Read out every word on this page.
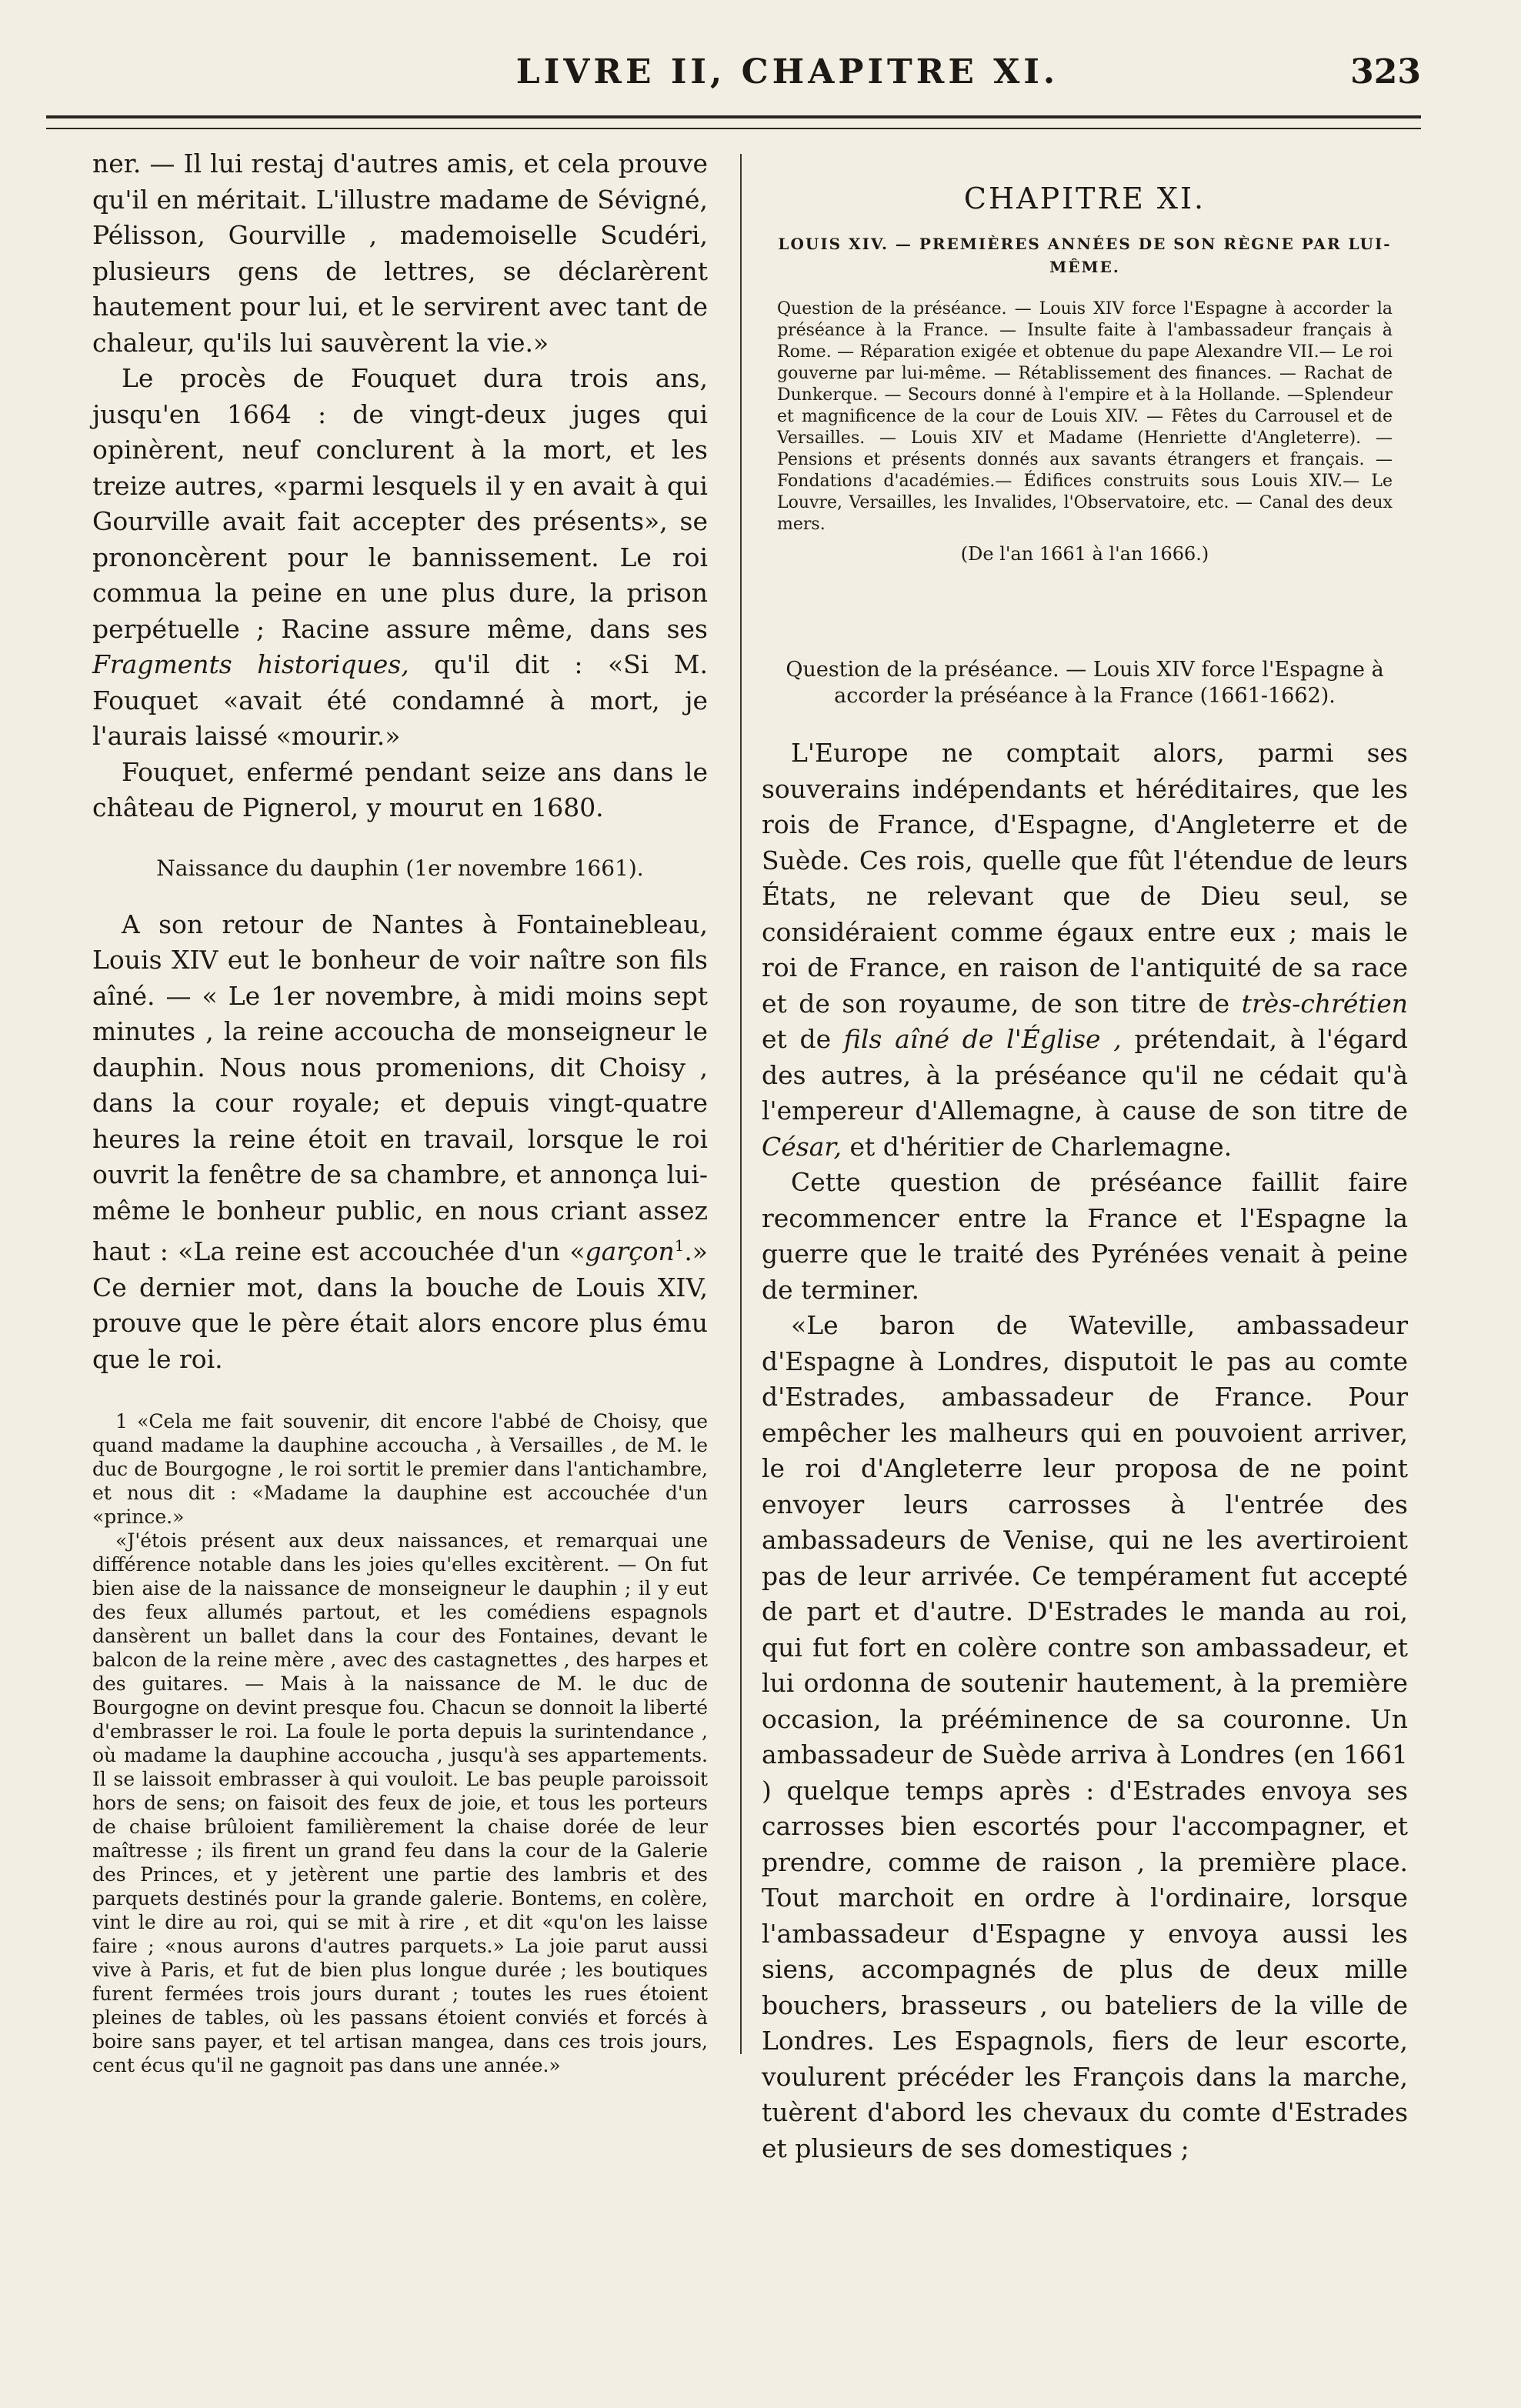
LIVRE II, CHAPITRE XI.	323

ner. — Il lui restaj d'autres amis, et cela prouve qu'il en méritait. L'illustre madame de Sévigné, Pélisson, Gourville , mademoiselle Scudéri, plusieurs gens de lettres, se déclarèrent hautement pour lui, et le servirent avec tant de chaleur, qu'ils lui sauvèrent la vie.»

Le procès de Fouquet dura trois ans, jusqu'en 1664 : de vingt-deux juges qui opinèrent, neuf conclurent à la mort, et les treize autres, «parmi lesquels il y en avait à qui Gourville avait fait accepter des présents», se prononcèrent pour le bannissement. Le roi commua la peine en une plus dure, la prison perpétuelle ; Racine assure même, dans ses Fragments historiques, qu'il dit : «Si M. Fouquet «avait été condamné à mort, je l'aurais laissé «mourir.»

Fouquet, enfermé pendant seize ans dans le château de Pignerol, y mourut en 1680.

Naissance du dauphin (1er novembre 1661).

A son retour de Nantes à Fontainebleau, Louis XIV eut le bonheur de voir naître son fils aîné. — « Le 1er novembre, à midi moins sept minutes , la reine accoucha de monseigneur le dauphin. Nous nous promenions, dit Choisy , dans la cour royale; et depuis vingt-quatre heures la reine étoit en travail, lorsque le roi ouvrit la fenêtre de sa chambre, et annonça lui-même le bonheur public, en nous criant assez haut : «La reine est accouchée d'un «garçon$^1$.» Ce dernier mot, dans la bouche de Louis XIV, prouve que le père était alors encore plus ému que le roi.

1 «Cela me fait souvenir, dit encore l'abbé de Choisy, que quand madame la dauphine accoucha , à Versailles , de M. le duc de Bourgogne , le roi sortit le premier dans l'antichambre, et nous dit : «Madame la dauphine est accouchée d'un «prince.»

«J'étois présent aux deux naissances, et remarquai une différence notable dans les joies qu'elles excitèrent. — On fut bien aise de la naissance de monseigneur le dauphin ; il y eut des feux allumés partout, et les comédiens espagnols dansèrent un ballet dans la cour des Fontaines, devant le balcon de la reine mère , avec des castagnettes , des harpes et des guitares. — Mais à la naissance de M. le duc de Bourgogne on devint presque fou. Chacun se donnoit la liberté d'embrasser le roi. La foule le porta depuis la surintendance , où madame la dauphine accoucha , jusqu'à ses appartements. Il se laissoit embrasser à qui vouloit. Le bas peuple paroissoit hors de sens; on faisoit des feux de joie, et tous les porteurs de chaise brûloient familièrement la chaise dorée de leur maîtresse ; ils firent un grand feu dans la cour de la Galerie des Princes, et y jetèrent une partie des lambris et des parquets destinés pour la grande galerie. Bontems, en colère, vint le dire au roi, qui se mit à rire , et dit «qu'on les laisse faire ; «nous aurons d'autres parquets.» La joie parut aussi vive à Paris, et fut de bien plus longue durée ; les boutiques furent fermées trois jours durant ; toutes les rues étoient pleines de tables, où les passans étoient conviés et forcés à boire sans payer, et tel artisan mangea, dans ces trois jours, cent écus qu'il ne gagnoit pas dans une année.»

CHAPITRE XI.
LOUIS XIV. — PREMIÈRES ANNÉES DE SON RÈGNE PAR LUI-MÊME.
Question de la préséance. — Louis XIV force l'Espagne à accorder la préséance à la France. — Insulte faite à l'ambassadeur français à Rome. — Réparation exigée et obtenue du pape Alexandre VII.— Le roi gouverne par lui-même. — Rétablissement des finances. — Rachat de Dunkerque. — Secours donné à l'empire et à la Hollande. —Splendeur et magnificence de la cour de Louis XIV. — Fêtes du Carrousel et de Versailles. — Louis XIV et Madame (Henriette d'Angleterre). — Pensions et présents donnés aux savants étrangers et français. — Fondations d'académies.— Édifices construits sous Louis XIV.— Le Louvre, Versailles, les Invalides, l'Observatoire, etc. — Canal des deux mers.
(De l'an 1661 à l'an 1666.)
Question de la préséance. — Louis XIV force l'Espagne à accorder la préséance à la France (1661-1662).

L'Europe ne comptait alors, parmi ses souverains indépendants et héréditaires, que les rois de France, d'Espagne, d'Angleterre et de Suède. Ces rois, quelle que fût l'étendue de leurs États, ne relevant que de Dieu seul, se considéraient comme égaux entre eux ; mais le roi de France, en raison de l'antiquité de sa race et de son royaume, de son titre de très-chrétien et de fils aîné de l'Église , prétendait, à l'égard des autres, à la préséance qu'il ne cédait qu'à l'empereur d'Allemagne, à cause de son titre de César, et d'héritier de Charlemagne.

Cette question de préséance faillit faire recommencer entre la France et l'Espagne la guerre que le traité des Pyrénées venait à peine de terminer.

«Le baron de Wateville, ambassadeur d'Espagne à Londres, disputoit le pas au comte d'Estrades, ambassadeur de France. Pour empêcher les malheurs qui en pouvoient arriver, le roi d'Angleterre leur proposa de ne point envoyer leurs carrosses à l'entrée des ambassadeurs de Venise, qui ne les avertiroient pas de leur arrivée. Ce tempérament fut accepté de part et d'autre. D'Estrades le manda au roi, qui fut fort en colère contre son ambassadeur, et lui ordonna de soutenir hautement, à la première occasion, la prééminence de sa couronne. Un ambassadeur de Suède arriva à Londres (en 1661 ) quelque temps après : d'Estrades envoya ses carrosses bien escortés pour l'accompagner, et prendre, comme de raison , la première place. Tout marchoit en ordre à l'ordinaire, lorsque l'ambassadeur d'Espagne y envoya aussi les siens, accompagnés de plus de deux mille bouchers, brasseurs , ou bateliers de la ville de Londres. Les Espagnols, fiers de leur escorte, voulurent précéder les François dans la marche, tuèrent d'abord les chevaux du comte d'Estrades et plusieurs de ses domestiques ;
